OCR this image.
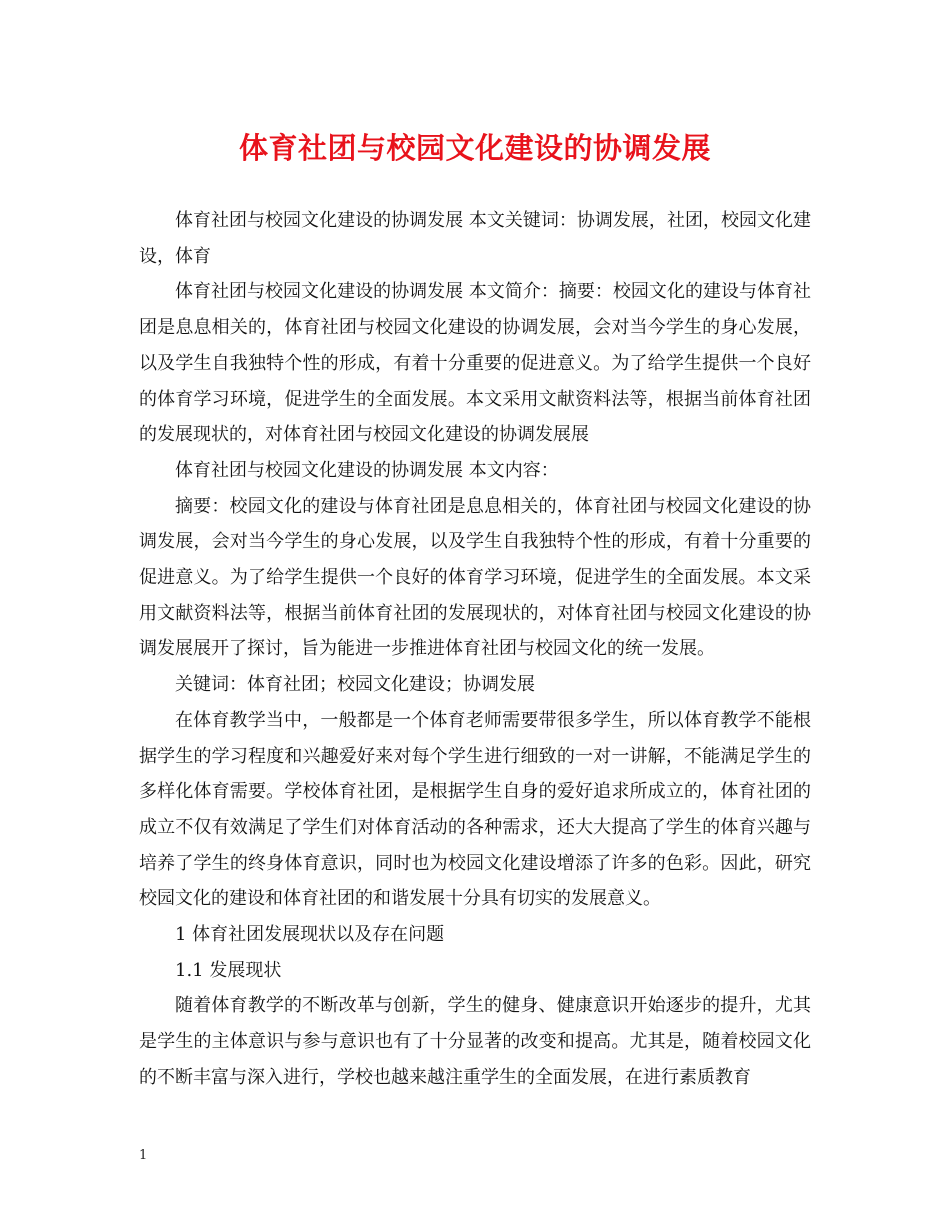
体育社团与校园文化建设的协调发展

体育社团与校园文化建设的协调发展 本文关键词：协调发展，社团，校园文化建设，体育

体育社团与校园文化建设的协调发展 本文简介：摘要：校园文化的建设与体育社团是息息相关的，体育社团与校园文化建设的协调发展，会对当今学生的身心发展，以及学生自我独特个性的形成，有着十分重要的促进意义。为了给学生提供一个良好的体育学习环境，促进学生的全面发展。本文采用文献资料法等，根据当前体育社团的发展现状的，对体育社团与校园文化建设的协调发展展

体育社团与校园文化建设的协调发展 本文内容：

摘要：校园文化的建设与体育社团是息息相关的，体育社团与校园文化建设的协调发展，会对当今学生的身心发展，以及学生自我独特个性的形成，有着十分重要的促进意义。为了给学生提供一个良好的体育学习环境，促进学生的全面发展。本文采用文献资料法等，根据当前体育社团的发展现状的，对体育社团与校园文化建设的协调发展展开了探讨，旨为能进一步推进体育社团与校园文化的统一发展。

关键词：体育社团；校园文化建设；协调发展

在体育教学当中，一般都是一个体育老师需要带很多学生，所以体育教学不能根据学生的学习程度和兴趣爱好来对每个学生进行细致的一对一讲解，不能满足学生的多样化体育需要。学校体育社团，是根据学生自身的爱好追求所成立的，体育社团的成立不仅有效满足了学生们对体育活动的各种需求，还大大提高了学生的体育兴趣与培养了学生的终身体育意识，同时也为校园文化建设增添了许多的色彩。因此，研究校园文化的建设和体育社团的和谐发展十分具有切实的发展意义。

1 体育社团发展现状以及存在问题

1.1 发展现状

随着体育教学的不断改革与创新，学生的健身、健康意识开始逐步的提升，尤其是学生的主体意识与参与意识也有了十分显著的改变和提高。尤其是，随着校园文化的不断丰富与深入进行，学校也越来越注重学生的全面发展，在进行素质教育

1
